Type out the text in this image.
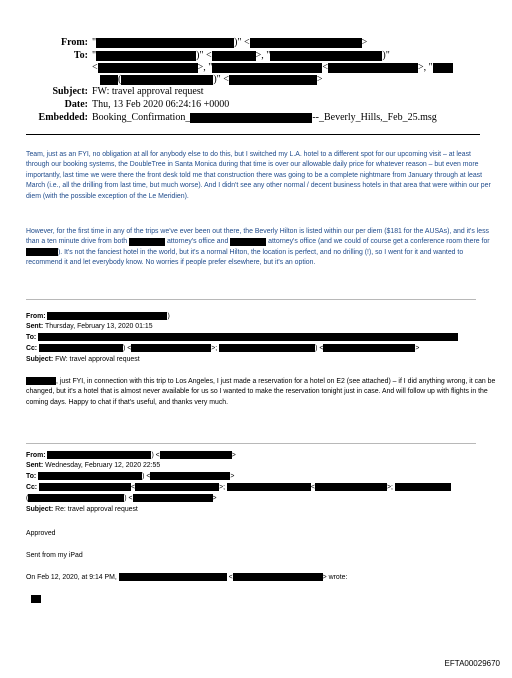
From: "	)" <	>
To: "	)" <	>, "	)"
<	>, "	<	>, "
(	)" <	>
Subject: FW: travel approval request
Date: Thu, 13 Feb 2020 06:24:16 +0000
Embedded: Booking_Confirmation_	--_Beverly_Hills,_Feb_25.msg
Team, just as an FYI, no obligation at all for anybody else to do this, but I switched my L.A. hotel to a different spot for our upcoming visit – at least through our booking systems, the DoubleTree in Santa Monica during that time is over our allowable daily price for whatever reason – but even more importantly, last time we were there the front desk told me that construction there was going to be a complete nightmare from January through at least March (i.e., all the drilling from last time, but much worse). And I didn't see any other normal / decent business hotels in that area that were within our per diem (with the possible exception of the Le Meridien).
However, for the first time in any of the trips we've ever been out there, the Beverly Hilton is listed within our per diem ($181 for the AUSAs), and it's less than a ten minute drive from both	attorney's office and	attorney's office (and we could of course get a conference room there for ). It's not the fanciest hotel in the world, but it's a normal Hilton, the location is perfect, and no drilling (!), so I went for it and wanted to recommend it and let everybody know. No worries if people prefer elsewhere, but it's an option.
From:	)
Sent: Thursday, February 13, 2020 01:15
To:
Cc:	) <	>;	) <	>
Subject: FW: travel approval request
, just FYI, in connection with this trip to Los Angeles, I just made a reservation for a hotel on E2 (see attached) – if I did anything wrong, it can be changed, but it's a hotel that is almost never available for us so I wanted to make the reservation tonight just in case. And will follow up with flights in the coming days. Happy to chat if that's useful, and thanks very much.
From:	) <	>
Sent: Wednesday, February 12, 2020 22:55
To:	) <	>
Cc:	<	>;	<	>;
(	) <	>
Subject: Re: travel approval request
Approved
Sent from my iPad
On Feb 12, 2020, at 9:14 PM,	<	> wrote:
EFTA00029670
